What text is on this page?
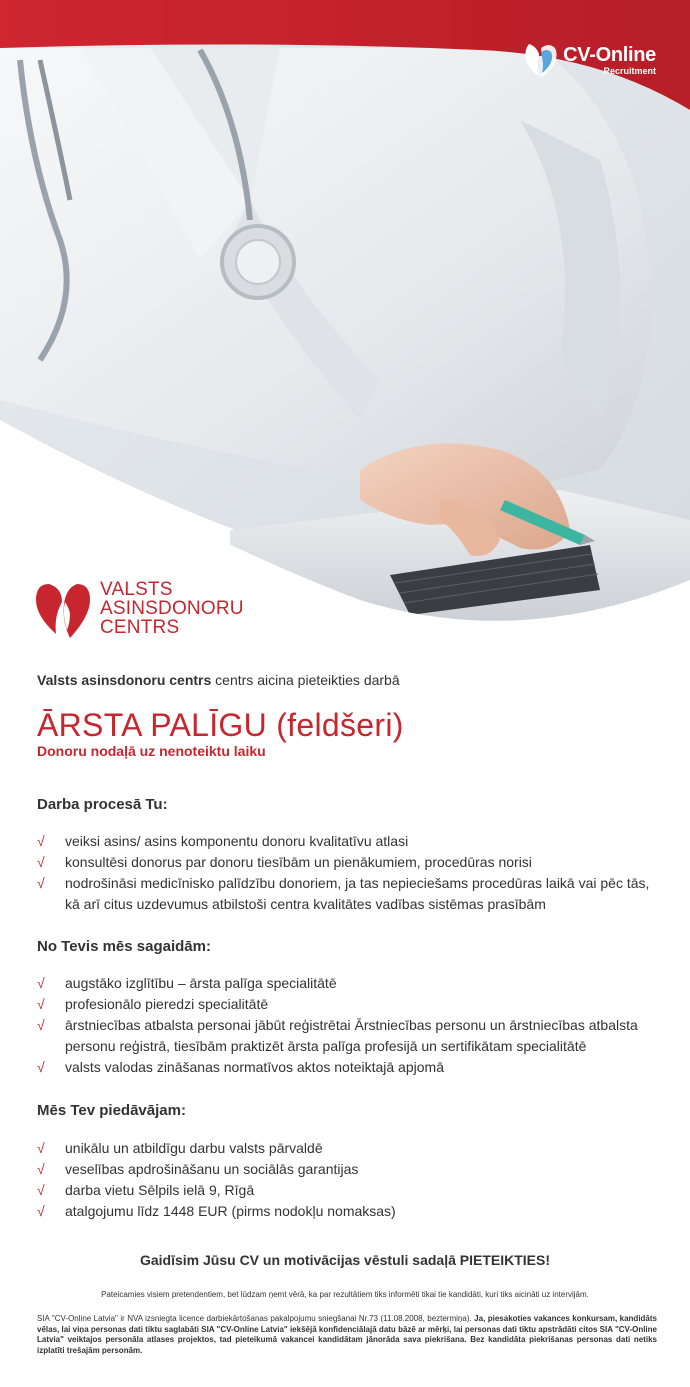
CV-Online
Recruitment
VALSTS
ASINSDONORU
CENTRS
Valsts asinsdonoru centrs centrs aicina pieteikties darbā
ĀRSTA PALĪGU (feldšeri)
Donoru nodaļā uz nenoteiktu laiku
Darba procesā Tu:
√ veiksi asins/ asins komponentu donoru kvalitatīvu atlasi
√ konsultēsi donorus par donoru tiesībām un pienākumiem, procedūras norisi
√ nodrošināsi medicīnisko palīdzību donoriem, ja tas nepieciešams procedūras laikā vai pēc tās, kā arī citus uzdevumus atbilstoši centra kvalitātes vadības sistēmas prasībām
No Tevis mēs sagaidām:
√ augstāko izglītību – ārsta palīga specialitātē
√ profesionālo pieredzi specialitātē
√ ārstniecības atbalsta personai jābūt reģistrētai Ārstniecības personu un ārstniecības atbalsta personu reģistrā, tiesībām praktizēt ārsta palīga profesijā un sertifikātam specialitātē
√ valsts valodas zināšanas normatīvos aktos noteiktajā apjomā
Mēs Tev piedāvājam:
√ unikālu un atbildīgu darbu valsts pārvaldē
√ veselības apdrošināšanu un sociālās garantijas
√ darba vietu Sēlpils ielā 9, Rīgā
√ atalgojumu līdz 1448 EUR (pirms nodokļu nomaksas)
Gaidīsim Jūsu CV un motivācijas vēstuli sadaļā PIETEIKTIES!
Pateicamies visiem pretendentiem, bet lūdzam ņemt vērā, ka par rezultātiem tiks informēti tikai tie kandidāti, kuri tiks aicināti uz intervijām.
SIA "CV-Online Latvia" ir NVA izsniegta licence darbiekārtošanas pakalpojumu sniegšanai Nr.73 (11.08.2008, beztermiņa). Ja, piesakoties vakances konkursam, kandidāts vēlas, lai viņa personas dati tiktu saglabāti SIA "CV-Online Latvia" iekšējā konfidenciālajā datu bāzē ar mērķi, lai personas dati tiktu apstrādāti citos SIA "CV-Online Latvia" veiktajos personāla atlases projektos, tad pieteikumā vakancei kandidātam jānorāda sava piekrišana. Bez kandidāta piekrišanas personas dati netiks izplatīti trešajām personām.
